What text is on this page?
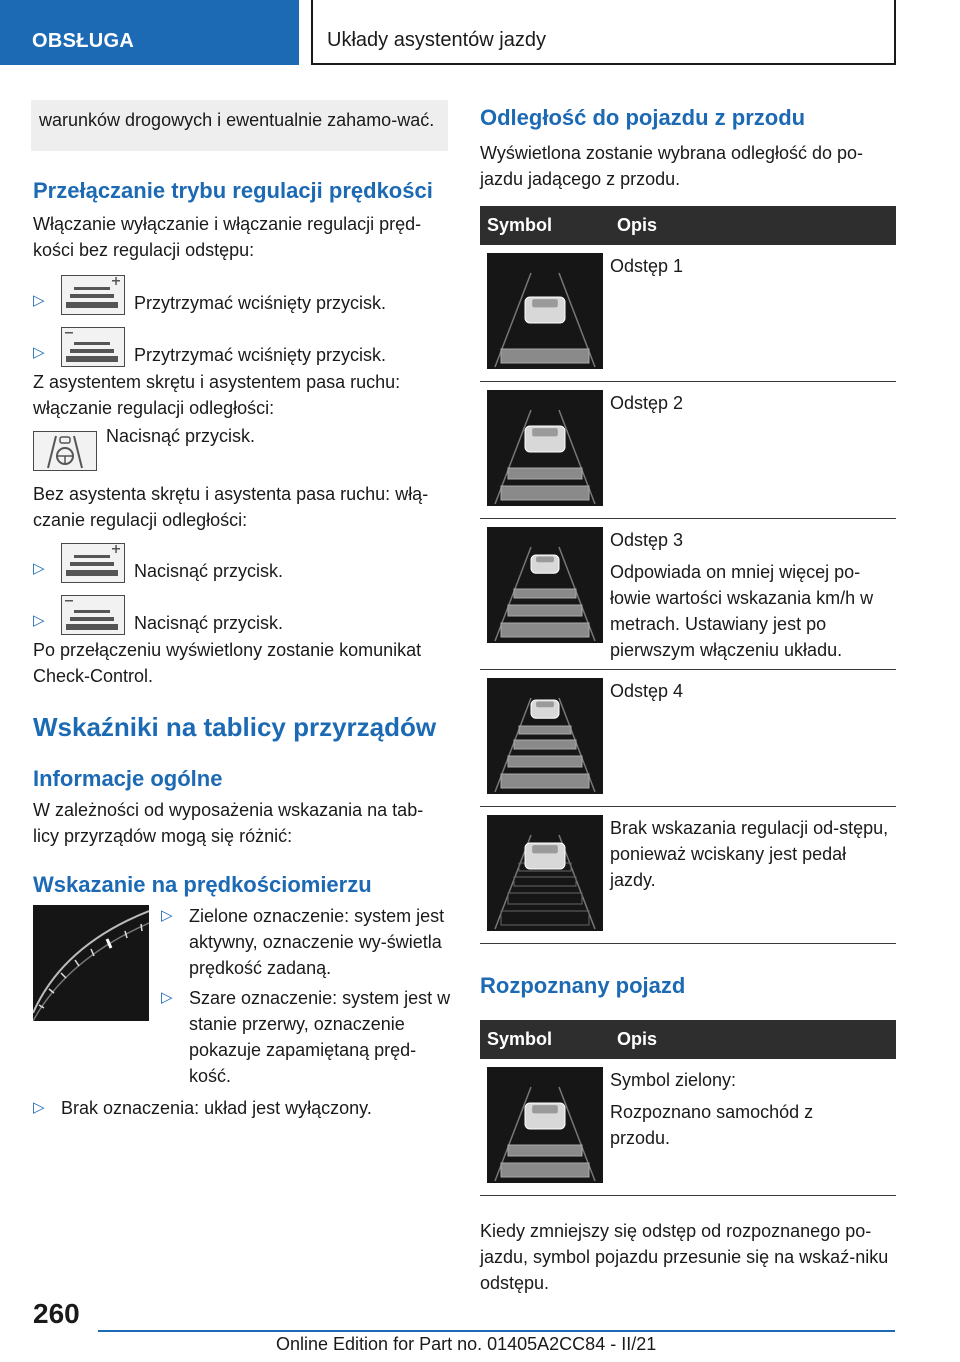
OBSŁUGA	Układy asystentów jazdy
warunków drogowych i ewentualnie zahamo-wać.
Przełączanie trybu regulacji prędkości
Włączanie wyłączanie i włączanie regulacji pręd-kości bez regulacji odstępu:
▷	Przytrzymać wciśnięty przycisk.
▷	Przytrzymać wciśnięty przycisk.
Z asystentem skrętu i asystentem pasa ruchu: włączanie regulacji odległości:
Nacisnąć przycisk.
Bez asystenta skrętu i asystenta pasa ruchu: włą-czanie regulacji odległości:
▷	Nacisnąć przycisk.
▷	Nacisnąć przycisk.
Po przełączeniu wyświetlony zostanie komunikat Check-Control.
Wskaźniki na tablicy przyrządów
Informacje ogólne
W zależności od wyposażenia wskazania na tab-licy przyrządów mogą się różnić:
Wskazanie na prędkościomierzu
▷ Zielone oznaczenie: system jest aktywny, oznaczenie wy-świetla prędkość zadaną.
▷ Szare oznaczenie: system jest w stanie przerwy, oznaczenie pokazuje zapamiętaną pręd-kość.
▷ Brak oznaczenia: układ jest wyłączony.
Odległość do pojazdu z przodu
Wyświetlona zostanie wybrana odległość do po-jazdu jadącego z przodu.
Symbol	Opis

Odstęp 1

Odstęp 2

Odstęp 3

Odpowiada on mniej więcej po-łowie wartości wskazania km/h w metrach. Ustawiany jest po pierwszym włączeniu układu.

Odstęp 4

Brak wskazania regulacji od-stępu, ponieważ wciskany jest pedał jazdy.

Rozpoznany pojazd
Symbol	Opis

Symbol zielony:

Rozpoznano samochód z przodu.

Kiedy zmniejszy się odstęp od rozpoznanego po-jazdu, symbol pojazdu przesunie się na wskaź-niku odstępu.
260
Online Edition for Part no. 01405A2CC84 - II/21
